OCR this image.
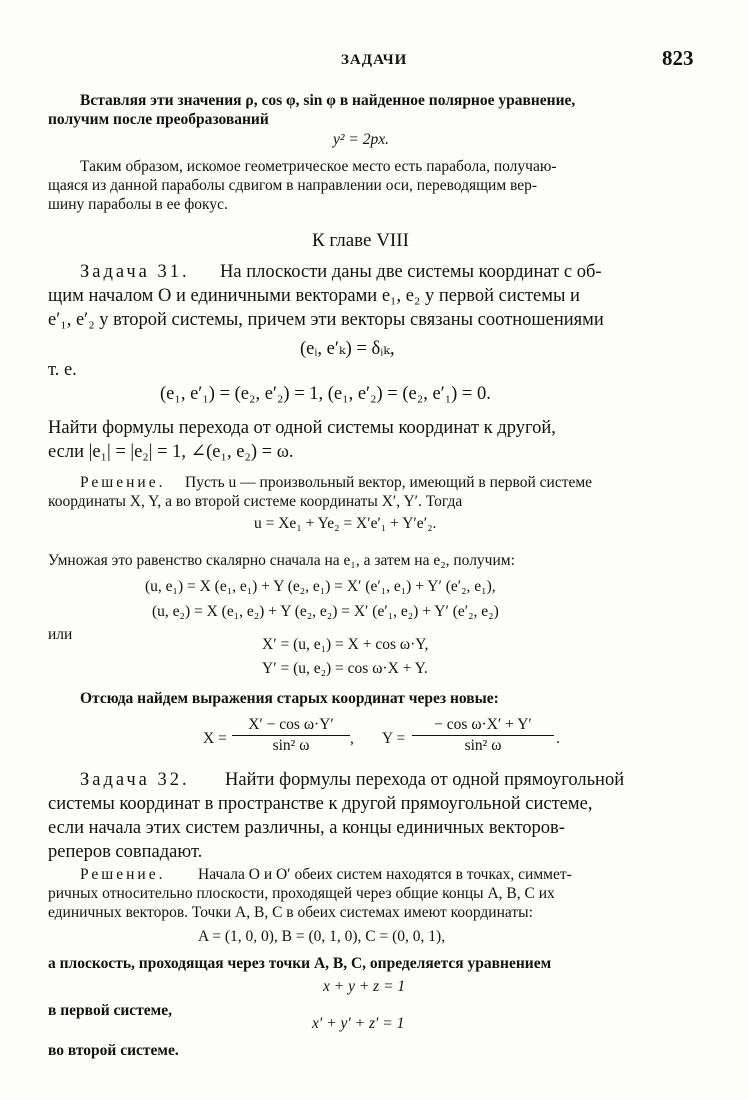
ЗАДАЧИ	823
Вставляя эти значения ρ, cos φ, sin φ в найденное полярное уравнение,
получим после преобразований
y² = 2px.
Таким образом, искомое геометрическое место есть парабола, получаю-
щаяся из данной параболы сдвигом в направлении оси, переводящим вер-
шину параболы в ее фокус.
К главе VIII
Задача 31. На плоскости даны две системы координат с об-
щим началом O и единичными векторами e₁, e₂ у первой системы и
e′₁, e′₂ у второй системы, причем эти векторы связаны соотношениями
(eᵢ, e′ₖ) = δᵢₖ,
т. е.
(e₁, e′₁) = (e₂, e′₂) = 1, (e₁, e′₂) = (e₂, e′₁) = 0.
Найти формулы перехода от одной системы координат к другой,
если |e₁| = |e₂| = 1, ∠(e₁, e₂) = ω.
Решение. Пусть u — произвольный вектор, имеющий в первой системе
координаты X, Y, а во второй системе координаты X′, Y′. Тогда
u = Xe₁ + Ye₂ = X′e′₁ + Y′e′₂.
Умножая это равенство скалярно сначала на e₁, а затем на e₂, получим:
(u, e₁) = X (e₁, e₁) + Y (e₂, e₁) = X′ (e′₁, e₁) + Y′ (e′₂, e₁),
(u, e₂) = X (e₁, e₂) + Y (e₂, e₂) = X′ (e′₁, e₂) + Y′ (e′₂, e₂)
или
X′ = (u, e₁) = X + cos ω·Y,
Y′ = (u, e₂) = cos ω·X + Y.
Отсюда найдем выражения старых координат через новые:
X =
X′ − cos ω·Y′
sin² ω	, Y =
− cos ω·X′ + Y′
sin² ω	.
Задача 32. Найти формулы перехода от одной прямоугольной
системы координат в пространстве к другой прямоугольной системе,
если начала этих систем различны, а концы единичных векторов-
реперов совпадают.
Решение. Начала O и O′ обеих систем находятся в точках, симмет-
ричных относительно плоскости, проходящей через общие концы A, B, C их
единичных векторов. Точки A, B, C в обеих системах имеют координаты:
A = (1, 0, 0), B = (0, 1, 0), C = (0, 0, 1),
а плоскость, проходящая через точки A, B, C, определяется уравнением
x + y + z = 1
в первой системе,
x′ + y′ + z′ = 1
во второй системе.
